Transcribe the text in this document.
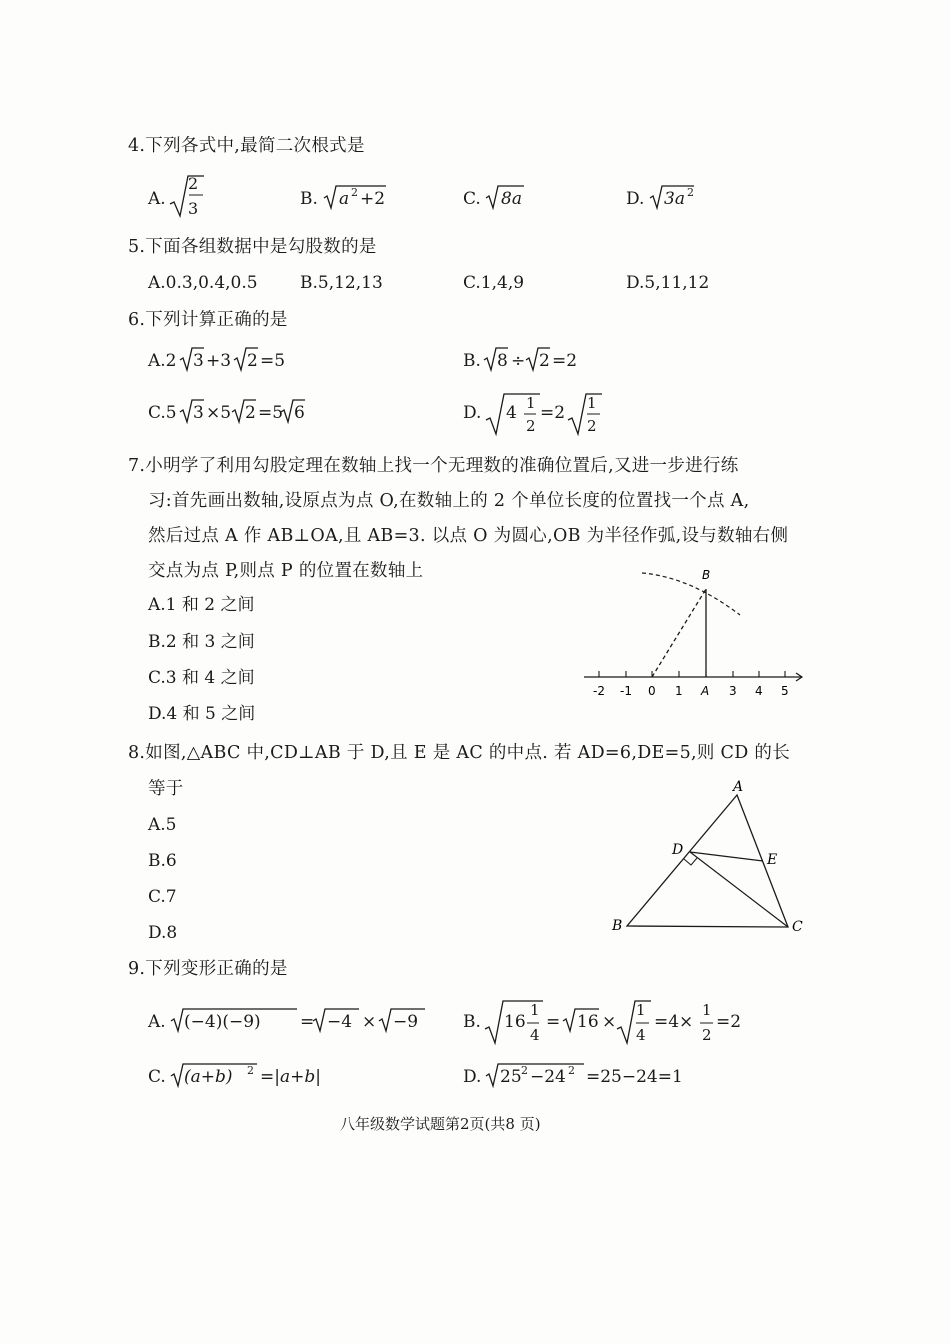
4.下列各式中,最简二次根式是
A.
2
3	B. a 2 +2	C. 8a	D. 3a 2
5.下面各组数据中是勾股数的是
A.0.3,0.4,0.5 B.5,12,13	C.1,4,9	D.5,11,12
6.下列计算正确的是
A.2 3 +3 2 =5	B. 8 ÷ 2 =2
C.5 3 ×5 2 =5 6	D. 4 1
2
=2 1
2
7.小明学了利用勾股定理在数轴上找一个无理数的准确位置后,又进一步进行练
习:首先画出数轴,设原点为点 O,在数轴上的 2 个单位长度的位置找一个点 A,
然后过点 A 作 AB⊥OA,且 AB=3. 以点 O 为圆心,OB 为半径作弧,设与数轴右侧
交点为点 P,则点 P 的位置在数轴上
A.1 和 2 之间
B.2 和 3 之间
C.3 和 4 之间
D.4 和 5 之间
B
-2 -1 0 1 A 3 4 5
8.如图,△ABC 中,CD⊥AB 于 D,且 E 是 AC 的中点. 若 AD=6,DE=5,则 CD 的长
等于
A.5
B.6
C.7
D.8
A
B	C
D
E
9.下列变形正确的是
A. (−4)(−9) = −4 × −9	B. 16
1
4
= 16 ×
1
4
=4×
1
2
=2
C. (a+b) 2 =|a+b|	D. 25 2 −24 2 =25−24=1
八年级数学试题第2页(共8 页)
